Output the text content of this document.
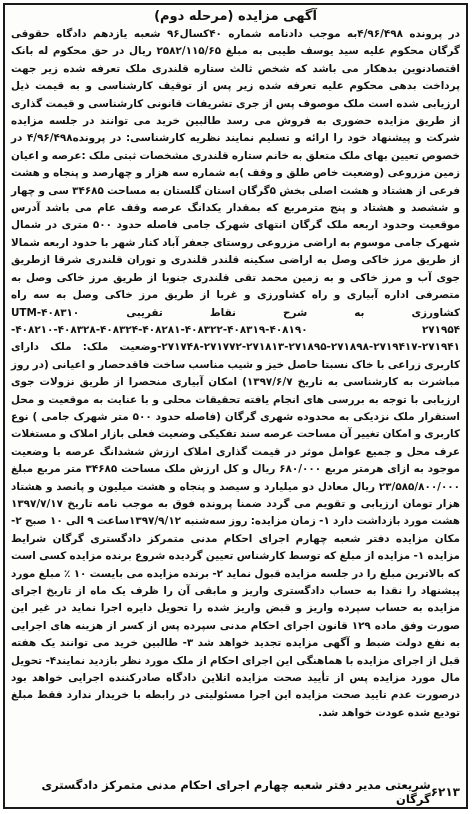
آگهی مزایده (مرحله دوم)

در پرونده ۴/۹۶/۴۹۸به موجب دادنامه شماره ۴۰کسال۹۶ شعبه یازدهم دادگاه حقوقی گرگان محکوم علیه سید یوسف طیبی به مبلغ ۲۵۸۲/۱۱۵/۶۵ ریال در حق محکوم له بانک اقتصادنوین بدهکار می باشد که شخص ثالث ستاره قلندری ملک تعرفه شده زیر جهت پرداخت بدهی محکوم علیه تعرفه شده زیر پس از توقیف کارشناسی و به قیمت ذیل ارزیابی شده است ملک موصوف پس از جری تشریفات قانونی کارشناسی و قیمت گذاری از طریق مزایده حضوری به فروش می رسد طالبین خرید می توانند در جلسه مزایده شرکت و پیشنهاد خود را ارائه و تسلیم نمایند نظریه کارشناسی: در پرونده۴/۹۶/۴۹۸ در خصوص تعیین بهای ملک متعلق به خانم ستاره قلندری مشخصات ثبتی ملک :عرصه و اعیان زمین مزروعی (وضعیت خاص طلق و وقف )به شماره سه هزار و چهارصد و پنجاه و هشت فرعی از هشتاد و هشت اصلی بخش ۵گرگان استان گلستان به مساحت ۳۴۶۸۵ سی و چهار و ششصد و هشتاد و پنج مترمربع که بمقدار یکدانگ عرصه وقف عام می باشد آدرس موقعیت وحدود اربعه ملک گرگان انتهای شهرک جامی فاصله حدود ۵۰۰ متری در شمال شهرک جامی موسوم به اراضی مزروعی روستای جعفر آباد کنار شهر با حدود اربعه شمالا از طریق مرز خاکی وصل به اراضی سکینه قلندر قلندری و توران قلندری شرقا ازطریق جوی آب و مرز خاکی و به زمین محمد تقی قلندری جنوبا از طریق مرز خاکی وصل به متصرفی اداره آبیاری و راه کشاورزی و غربا از طریق مرز خاکی وصل به سه راه کشاورزی به شرح نقاط تقریبی UTM-۴۰۸۳۱۰ -۴۰۸۲۱۰-۴۰۸۳۲۸-۴۰۸۳۲۴-۴۰۸۲۸۱-۴۰۸۳۲۲-۴۰۸۳۱۹-۴۰۸۱۹۰ ۲۷۱۹۵۴ -۲۷۱۷۴۸-۲۷۱۷۷۲-۲۷۱۸۱۳-۲۷۱۸۹۵-۲۷۱۸۹۸-۲۷۱۹۴۱۷-۲۷۱۹۴۱وضعیت ملک: ملک دارای کاربری زراعی با خاک نسبتا حاصل خیز و شیب مناسب ساخت فاقدحصار و اعیانی (در روز مباشرت به کارشناسی به تاریخ ۱۳۹۷/۶/۷) امکان آبیاری منحصرا از طریق نزولات جوی ارزیابی با توجه به بررسی های انجام یافته تحقیقات محلی و با عنایت به موقعیت و محل استقرار ملک نزدیکی به محدوده شهری گرگان (فاصله حدود ۵۰۰ متر شهرک جامی ) نوع کاربری و امکان تغییر آن مساحت عرصه سند تفکیکی وضعیت فعلی بازار املاک و مستغلات عرف محل و جمیع عوامل موثر در قیمت گذاری املاک ارزش ششدانگ عرصه با وضعیت موجود به ازای هرمتر مربع ۶۸۰/۰۰۰ ریال و کل ارزش ملک مساحت ۳۴۶۸۵ متر مربع مبلغ ۲۳/۵۸۵/۸۰۰/۰۰۰ ریال معادل دو میلیارد و سیصد و پنجاه و هشت میلیون و پانصد و هشتاد هزار تومان ارزیابی و تقویم می گردد ضمنا پرونده فوق به موجب نامه تاریخ ۱۳۹۷/۷/۱۷ هشت مورد بازداشت دارد ۱- زمان مزایده: روز سه‌شنبه ۱۳۹۷/۹/۱۲ساعت ۹ الی ۱۰ صبح ۲- مکان مزایده دفتر شعبه چهارم اجرای احکام مدنی متمرکز دادگستری گرگان شرایط مزایده ۱- مزایده از مبلغ که توسط کارشناس تعیین گردیده شروع برنده مزایده کسی است که بالاترین مبلغ را در جلسه مزایده قبول نماید ۲- برنده مزایده می بایست ۱۰ ٪ مبلغ مورد پیشنهاد را نقدا به حساب دادگستری واریز و مابقی آن را ظرف یک ماه از تاریخ اجرای مزایده به حساب سپرده واریز و قبض واریز شده را تحویل دایره اجرا نماید در غیر این صورت وفق ماده ۱۲۹ قانون اجرای احکام مدنی سپرده پس از کسر از هزینه های اجرایی به نفع دولت ضبط و آگهی مزایده تجدید خواهد شد ۳- طالبین خرید می توانند یک هفته قبل از اجرای مزایده با هماهنگی این اجرای احکام از ملک مورد نظر بازدید نمایند۴- تحویل مال مورد مزایده پس از تأیید صحت مزایده اتلاین دادگاه صادرکننده اجرایی خواهد بود درصورت عدم تایید صحت مزایده این اجرا مسئولیتی در رابطه با خریدار ندارد فقط مبلغ تودیع شده عودت خواهد شد.

شریعتی مدیر دفتر شعبه چهارم اجرای احکام مدنی متمرکز دادگستری گرگان ۶۲۱۳
